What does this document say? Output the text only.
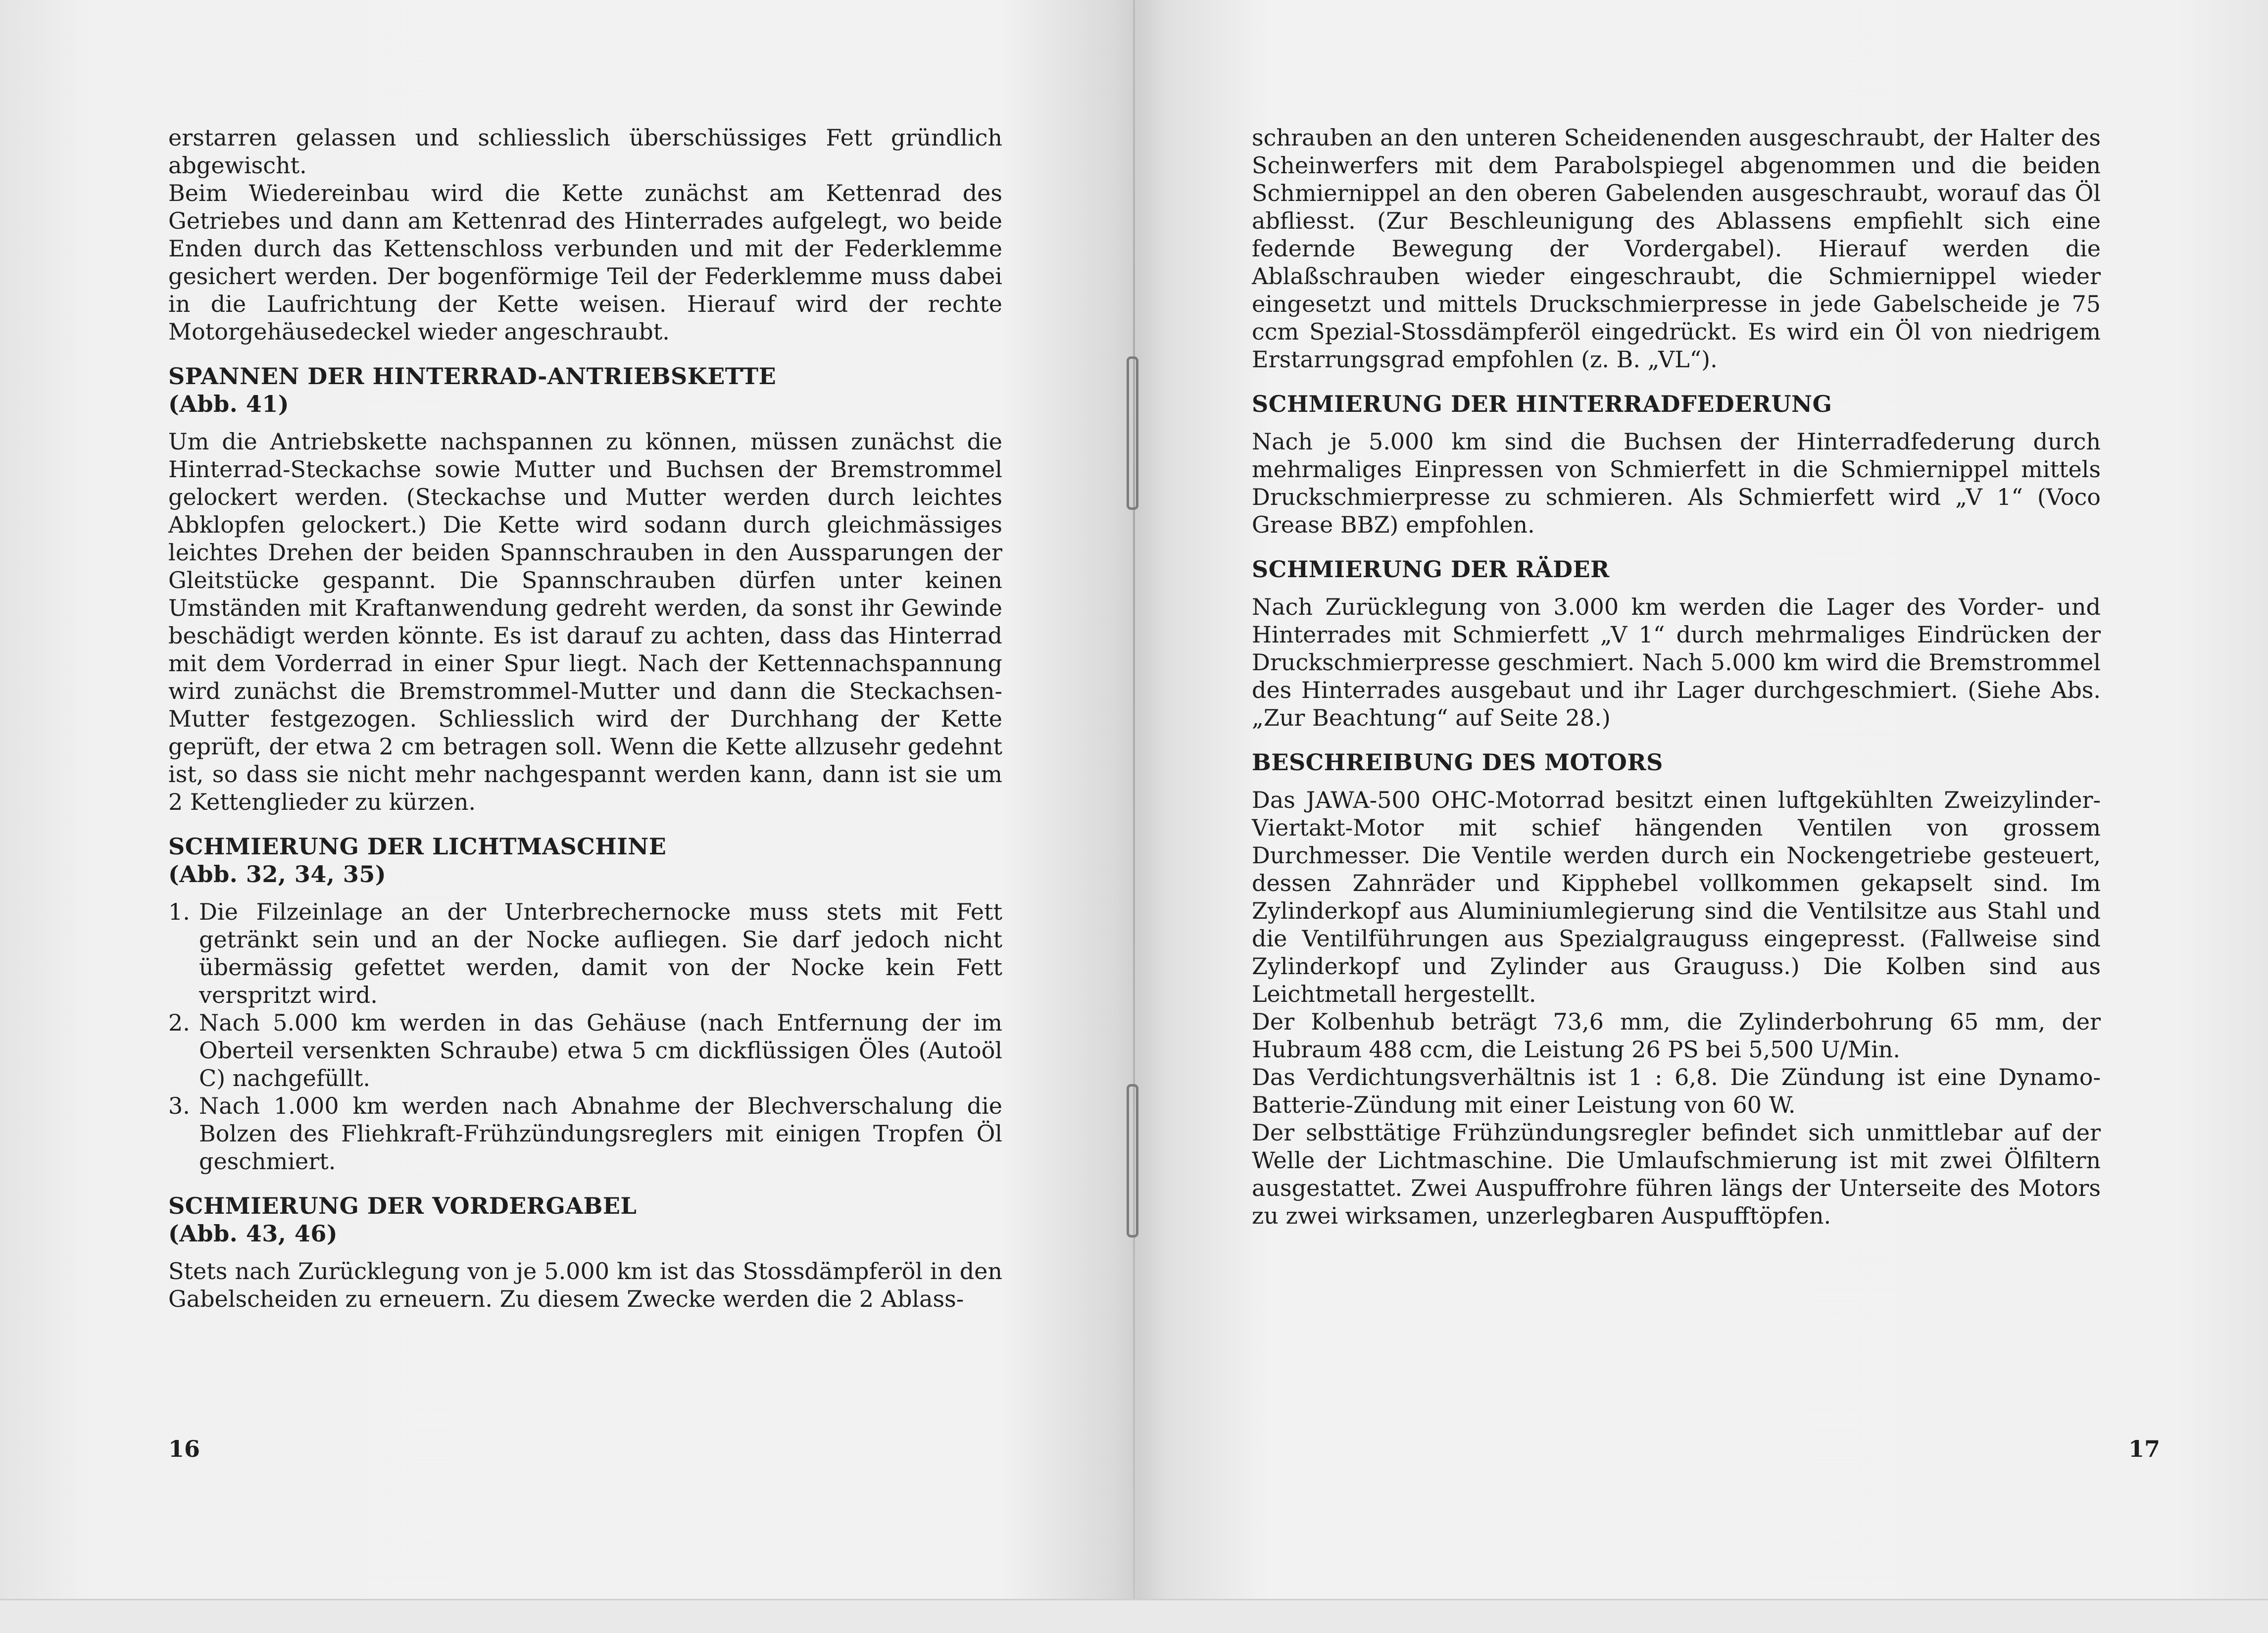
erstarren gelassen und schliesslich überschüssiges Fett gründlich abgewischt.

Beim Wiedereinbau wird die Kette zunächst am Kettenrad des Getriebes und dann am Kettenrad des Hinterrades aufgelegt, wo beide Enden durch das Kettenschloss verbunden und mit der Federklemme gesichert werden. Der bogenförmige Teil der Federklemme muss dabei in die Laufrichtung der Kette weisen. Hierauf wird der rechte Motorgehäusedeckel wieder angeschraubt.

SPANNEN DER HINTERRAD-ANTRIEBSKETTE
(Abb. 41)

Um die Antriebskette nachspannen zu können, müssen zunächst die Hinterrad-Steckachse sowie Mutter und Buchsen der Bremstrommel gelockert werden. (Steckachse und Mutter werden durch leichtes Abklopfen gelockert.) Die Kette wird sodann durch gleichmässiges leichtes Drehen der beiden Spannschrauben in den Aussparungen der Gleitstücke gespannt. Die Spannschrauben dürfen unter keinen Umständen mit Kraftanwendung gedreht werden, da sonst ihr Gewinde beschädigt werden könnte. Es ist darauf zu achten, dass das Hinterrad mit dem Vorderrad in einer Spur liegt. Nach der Kettennachspannung wird zunächst die Bremstrommel-Mutter und dann die Steckachsen-Mutter festgezogen. Schliesslich wird der Durchhang der Kette geprüft, der etwa 2 cm betragen soll. Wenn die Kette allzusehr gedehnt ist, so dass sie nicht mehr nachgespannt werden kann, dann ist sie um 2 Kettenglieder zu kürzen.

SCHMIERUNG DER LICHTMASCHINE
(Abb. 32, 34, 35)
1. Die Filzeinlage an der Unterbrechernocke muss stets mit Fett getränkt sein und an der Nocke aufliegen. Sie darf jedoch nicht übermässig gefettet werden, damit von der Nocke kein Fett verspritzt wird.
2. Nach 5.000 km werden in das Gehäuse (nach Entfernung der im Oberteil versenkten Schraube) etwa 5 cm dickflüssigen Öles (Autoöl C) nachgefüllt.
3. Nach 1.000 km werden nach Abnahme der Blechverschalung die Bolzen des Fliehkraft-Frühzündungsreglers mit einigen Tropfen Öl geschmiert.
SCHMIERUNG DER VORDERGABEL
(Abb. 43, 46)

Stets nach Zurücklegung von je 5.000 km ist das Stossdämpferöl in den Gabelscheiden zu erneuern. Zu diesem Zwecke werden die 2 Ablass-

16

schrauben an den unteren Scheidenenden ausgeschraubt, der Halter des Scheinwerfers mit dem Parabolspiegel abgenommen und die beiden Schmiernippel an den oberen Gabelenden ausgeschraubt, worauf das Öl abfliesst. (Zur Beschleunigung des Ablassens empfiehlt sich eine federnde Bewegung der Vordergabel). Hierauf werden die Ablaßschrauben wieder eingeschraubt, die Schmiernippel wieder eingesetzt und mittels Druckschmierpresse in jede Gabelscheide je 75 ccm Spezial-Stossdämpferöl eingedrückt. Es wird ein Öl von niedrigem Erstarrungsgrad empfohlen (z. B. „VL“).

SCHMIERUNG DER HINTERRADFEDERUNG

Nach je 5.000 km sind die Buchsen der Hinterradfederung durch mehrmaliges Einpressen von Schmierfett in die Schmiernippel mittels Druckschmierpresse zu schmieren. Als Schmierfett wird „V 1“ (Voco Grease BBZ) empfohlen.

SCHMIERUNG DER RÄDER

Nach Zurücklegung von 3.000 km werden die Lager des Vorder- und Hinterrades mit Schmierfett „V 1“ durch mehrmaliges Eindrücken der Druckschmierpresse geschmiert. Nach 5.000 km wird die Bremstrommel des Hinterrades ausgebaut und ihr Lager durchgeschmiert. (Siehe Abs. „Zur Beachtung“ auf Seite 28.)

BESCHREIBUNG DES MOTORS

Das JAWA-500 OHC-Motorrad besitzt einen luftgekühlten Zweizylinder-Viertakt-Motor mit schief hängenden Ventilen von grossem Durchmesser. Die Ventile werden durch ein Nockengetriebe gesteuert, dessen Zahnräder und Kipphebel vollkommen gekapselt sind. Im Zylinderkopf aus Aluminiumlegierung sind die Ventilsitze aus Stahl und die Ventilführungen aus Spezialgrauguss eingepresst. (Fallweise sind Zylinderkopf und Zylinder aus Grauguss.) Die Kolben sind aus Leichtmetall hergestellt.

Der Kolbenhub beträgt 73,6 mm, die Zylinderbohrung 65 mm, der Hubraum 488 ccm, die Leistung 26 PS bei 5,500 U/Min.

Das Verdichtungsverhältnis ist 1 : 6,8. Die Zündung ist eine Dynamo-Batterie-Zündung mit einer Leistung von 60 W.

Der selbsttätige Frühzündungsregler befindet sich unmittlebar auf der Welle der Lichtmaschine. Die Umlaufschmierung ist mit zwei Ölfiltern ausgestattet. Zwei Auspuffrohre führen längs der Unterseite des Motors zu zwei wirksamen, unzerlegbaren Auspufftöpfen.

17
